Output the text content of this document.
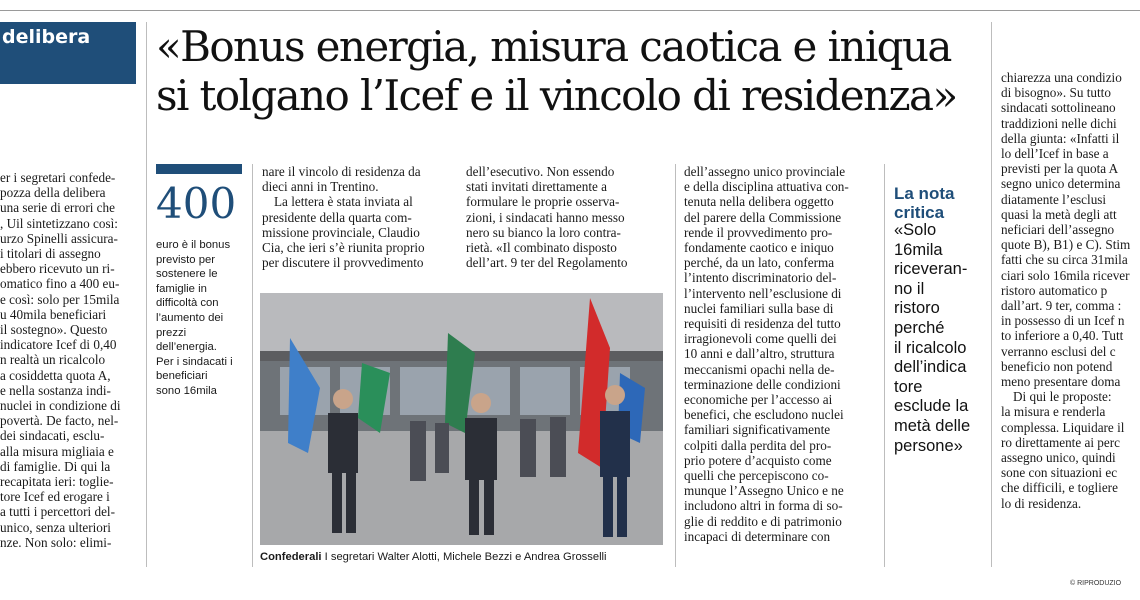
delibera «Bonus energia, misura caotica e iniqua
si tolgano l’Icef e il vincolo di residenza»
er i segretari confede-
pozza della delibera
una serie di errori che
, Uil sintetizzano così:
urzo Spinelli assicura-
i titolari di assegno
ebbero ricevuto un ri-
omatico fino a 400 eu-
e così: solo per 15mila
u 40mila beneficiari
il sostegno». Questo
indicatore Icef di 0,40
n realtà un ricalcolo
a cosiddetta quota A,
e nella sostanza indi-
nuclei in condizione di
povertà. De facto, nel-
dei sindacati, esclu-
alla misura migliaia e
di famiglie. Di qui la
recapitata ieri: toglie-
tore Icef ed erogare i
a tutti i percettori del-
unico, senza ulteriori
nze. Non solo: elimi-
400
euro è il bonus
previsto per
sostenere le
famiglie in
difficoltà con
l’aumento dei
prezzi
dell’energia.
Per i sindacati i
beneficiari
sono 16mila
nare il vincolo di residenza da
dieci anni in Trentino.
La lettera è stata inviata al
presidente della quarta com-
missione provinciale, Claudio
Cia, che ieri s’è riunita proprio
per discutere il provvedimento
dell’esecutivo. Non essendo
stati invitati direttamente a
formulare le proprie osserva-
zioni, i sindacati hanno messo
nero su bianco la loro contra-
rietà. «Il combinato disposto
dell’art. 9 ter del Regolamento
Confederali I segretari Walter Alotti, Michele Bezzi e Andrea Grosselli
dell’assegno unico provinciale
e della disciplina attuativa con-
tenuta nella delibera oggetto
del parere della Commissione
rende il provvedimento pro-
fondamente caotico e iniquo
perché, da un lato, conferma
l’intento discriminatorio del-
l’intervento nell’esclusione di
nuclei familiari sulla base di
requisiti di residenza del tutto
irragionevoli come quelli dei
10 anni e dall’altro, struttura
meccanismi opachi nella de-
terminazione delle condizioni
economiche per l’accesso ai
benefici, che escludono nuclei
familiari significativamente
colpiti dalla perdita del pro-
prio potere d’acquisto come
quelli che percepiscono co-
munque l’Assegno Unico e ne
includono altri in forma di so-
glie di reddito e di patrimonio
incapaci di determinare con
La nota
critica
«Solo
16mila
riceveran-
no il
ristoro
perché
il ricalcolo
dell’indica
tore
esclude la
metà delle
persone»
chiarezza una condizio
di bisogno». Su tutto
sindacati sottolineano
traddizioni nelle dichi
della giunta: «Infatti il
lo dell’Icef in base a
previsti per la quota A
segno unico determina
diatamente l’esclusi
quasi la metà degli att
neficiari dell’assegno
quote B), B1) e C). Stim
fatti che su circa 31mila
ciari solo 16mila ricever
ristoro automatico p
dall’art. 9 ter, comma :
in possesso di un Icef n
to inferiore a 0,40. Tutt
verranno esclusi del c
beneficio non potend
meno presentare doma
Di qui le proposte:
la misura e renderla
complessa. Liquidare il
ro direttamente ai perc
assegno unico, quindi
sone con situazioni ec
che difficili, e togliere
lo di residenza.
© RIPRODUZIO
